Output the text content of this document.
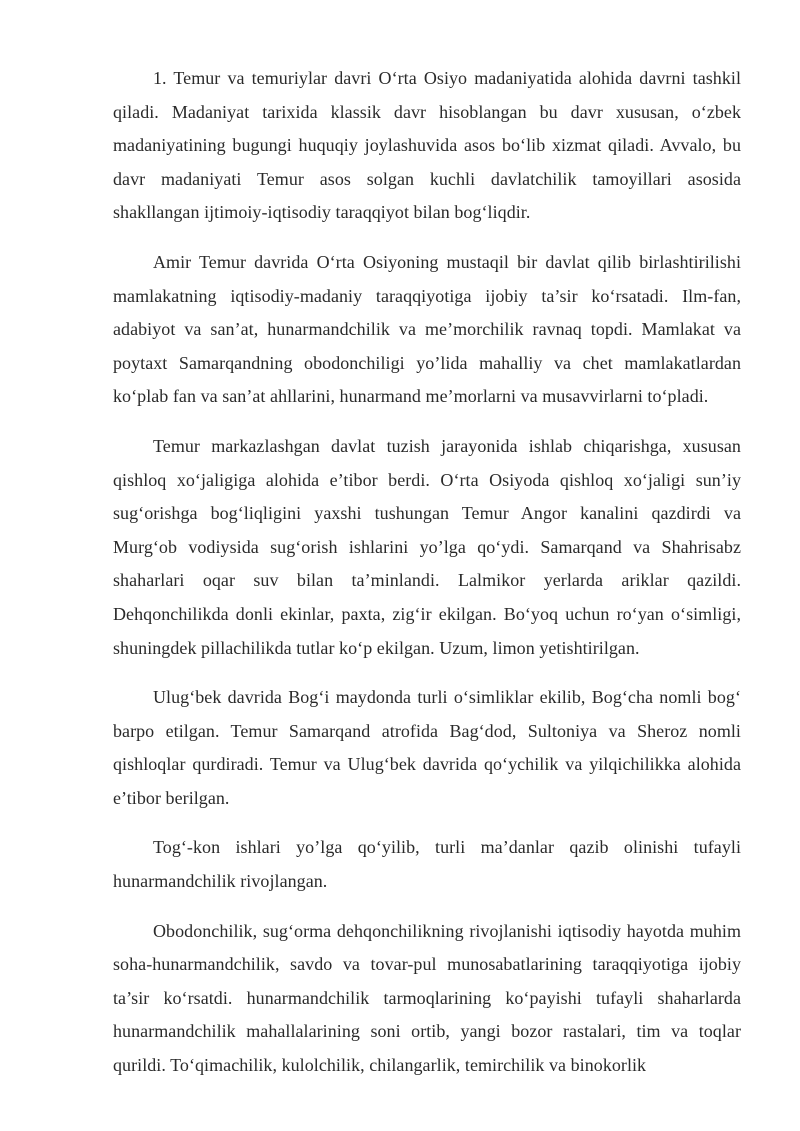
1. Temur va temuriylar davri O‘rta Osiyo madaniyatida alohida davrni tashkil qiladi. Madaniyat tarixida klassik davr hisoblangan bu davr xususan, o‘zbek madaniyatining bugungi huquqiy joylashuvida asos bo‘lib xizmat qiladi. Avvalo, bu davr madaniyati Temur asos solgan kuchli davlatchilik tamoyillari asosida shakllangan ijtimoiy-iqtisodiy taraqqiyot bilan bog‘liqdir.

Amir Temur davrida O‘rta Osiyoning mustaqil bir davlat qilib birlashtirilishi mamlakatning iqtisodiy-madaniy taraqqiyotiga ijobiy ta’sir ko‘rsatadi. Ilm-fan, adabiyot va san’at, hunarmandchilik va me’morchilik ravnaq topdi. Mamlakat va poytaxt Samarqandning obodonchiligi yo’lida mahalliy va chet mamlakatlardan ko‘plab fan va san’at ahllarini, hunarmand me’morlarni va musavvirlarni to‘pladi.

Temur markazlashgan davlat tuzish jarayonida ishlab chiqarishga, xususan qishloq xo‘jaligiga alohida e’tibor berdi. O‘rta Osiyoda qishloq xo‘jaligi sun’iy sug‘orishga bog‘liqligini yaxshi tushungan Temur Angor kanalini qazdirdi va Murg‘ob vodiysida sug‘orish ishlarini yo’lga qo‘ydi. Samarqand va Shahrisabz shaharlari oqar suv bilan ta’minlandi. Lalmikor yerlarda ariklar qazildi. Dehqonchilikda donli ekinlar, paxta, zig‘ir ekilgan. Bo‘yoq uchun ro‘yan o‘simligi, shuningdek pillachilikda tutlar ko‘p ekilgan. Uzum, limon yetishtirilgan.

Ulug‘bek davrida Bog‘i maydonda turli o‘simliklar ekilib, Bog‘cha nomli bog‘ barpo etilgan. Temur Samarqand atrofida Bag‘dod, Sultoniya va Sheroz nomli qishloqlar qurdiradi. Temur va Ulug‘bek davrida qo‘ychilik va yilqichilikka alohida e’tibor berilgan.

Tog‘-kon ishlari yo’lga qo‘yilib, turli ma’danlar qazib olinishi tufayli hunarmandchilik rivojlangan.

Obodonchilik, sug‘orma dehqonchilikning rivojlanishi iqtisodiy hayotda muhim soha-hunarmandchilik, savdo va tovar-pul munosabatlarining taraqqiyotiga ijobiy ta’sir ko‘rsatdi. hunarmandchilik tarmoqlarining ko‘payishi tufayli shaharlarda hunarmandchilik mahallalarining soni ortib, yangi bozor rastalari, tim va toqlar qurildi. To‘qimachilik, kulolchilik, chilangarlik, temirchilik va binokorlik
